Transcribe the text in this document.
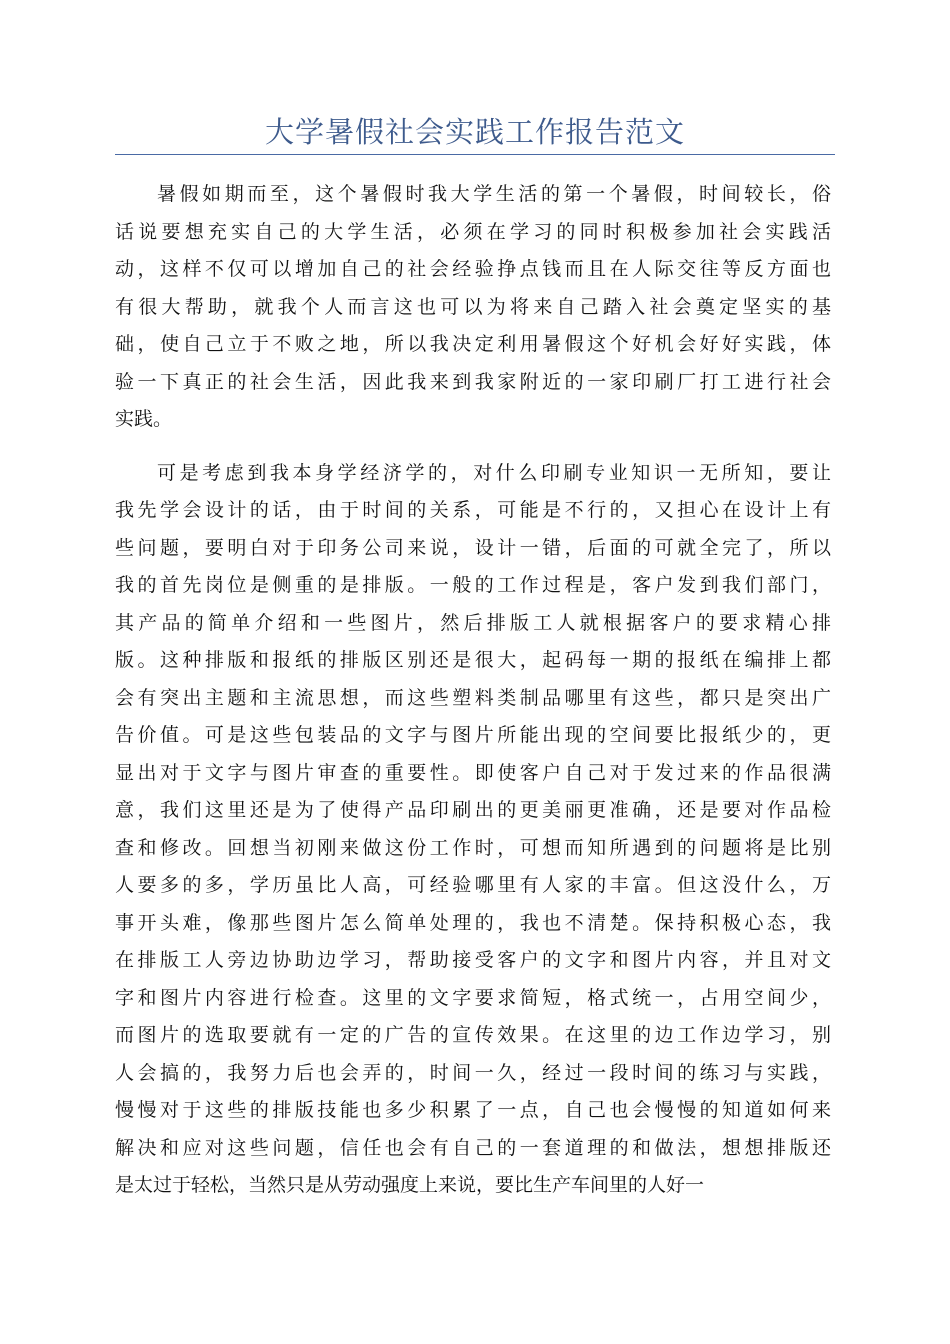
大学暑假社会实践工作报告范文
暑假如期而至，这个暑假时我大学生活的第一个暑假，时间较长，俗
话说要想充实自己的大学生活，必须在学习的同时积极参加社会实践活
动，这样不仅可以增加自己的社会经验挣点钱而且在人际交往等反方面也
有很大帮助，就我个人而言这也可以为将来自己踏入社会奠定坚实的基
础，使自己立于不败之地，所以我决定利用暑假这个好机会好好实践，体
验一下真正的社会生活，因此我来到我家附近的一家印刷厂打工进行社会
实践。
可是考虑到我本身学经济学的，对什么印刷专业知识一无所知，要让
我先学会设计的话，由于时间的关系，可能是不行的，又担心在设计上有
些问题，要明白对于印务公司来说，设计一错，后面的可就全完了，所以
我的首先岗位是侧重的是排版。一般的工作过程是，客户发到我们部门，
其产品的简单介绍和一些图片，然后排版工人就根据客户的要求精心排
版。这种排版和报纸的排版区别还是很大，起码每一期的报纸在编排上都
会有突出主题和主流思想，而这些塑料类制品哪里有这些，都只是突出广
告价值。可是这些包装品的文字与图片所能出现的空间要比报纸少的，更
显出对于文字与图片审查的重要性。即使客户自己对于发过来的作品很满
意，我们这里还是为了使得产品印刷出的更美丽更准确，还是要对作品检
查和修改。回想当初刚来做这份工作时，可想而知所遇到的问题将是比别
人要多的多，学历虽比人高，可经验哪里有人家的丰富。但这没什么，万
事开头难，像那些图片怎么简单处理的，我也不清楚。保持积极心态，我
在排版工人旁边协助边学习，帮助接受客户的文字和图片内容，并且对文
字和图片内容进行检查。这里的文字要求简短，格式统一，占用空间少，
而图片的选取要就有一定的广告的宣传效果。在这里的边工作边学习，别
人会搞的，我努力后也会弄的，时间一久，经过一段时间的练习与实践，
慢慢对于这些的排版技能也多少积累了一点，自己也会慢慢的知道如何来
解决和应对这些问题，信任也会有自己的一套道理的和做法，想想排版还
是太过于轻松，当然只是从劳动强度上来说，要比生产车间里的人好一
